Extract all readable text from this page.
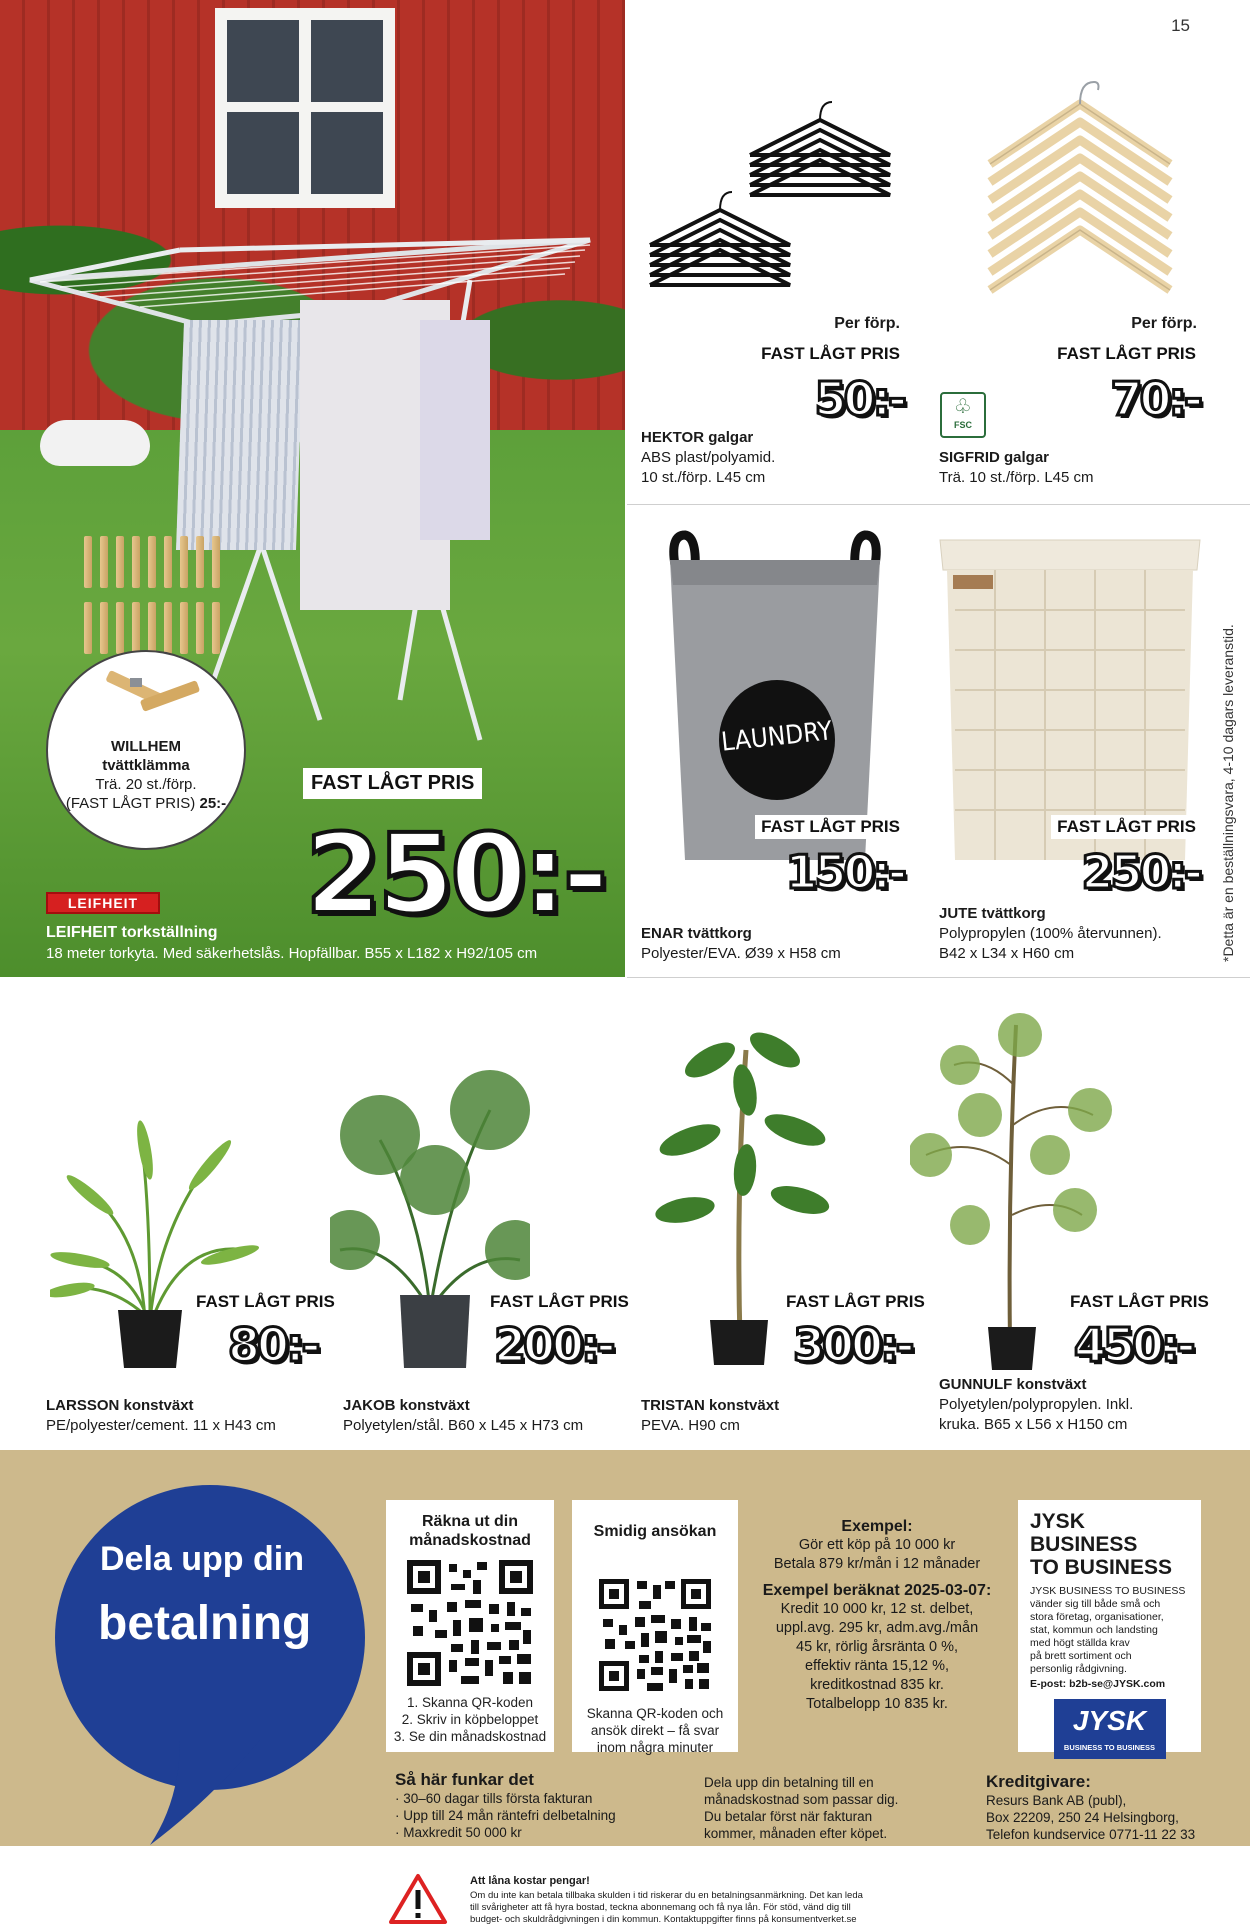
15
WILLHEM
tvättklämma
Trä. 20 st./förp.
(FAST LÅGT PRIS) 25:-
FAST LÅGT PRIS
250:-
LEIFHEIT
LEIFHEIT torkställning
18 meter torkyta. Med säkerhetslås. Hopfällbar. B55 x L182 x H92/105 cm
Per förp.
FAST LÅGT PRIS
50:-
HEKTOR galgar
ABS plast/polyamid.
10 st./förp. L45 cm
Per förp.
FAST LÅGT PRIS
70:-
♧
FSC
SIGFRID galgar
Trä. 10 st./förp. L45 cm
LAUNDRY
FAST LÅGT PRIS
150:-
ENAR tvättkorg
Polyester/EVA. Ø39 x H58 cm
FAST LÅGT PRIS
250:-
JUTE tvättkorg
Polypropylen (100% återvunnen).
B42 x L34 x H60 cm	*Detta är en beställningsvara, 4-10 dagars leveranstid.
FAST LÅGT PRIS
80:-
LARSSON konstväxt
PE/polyester/cement. 11 x H43 cm
FAST LÅGT PRIS
200:-
JAKOB konstväxt
Polyetylen/stål. B60 x L45 x H73 cm
FAST LÅGT PRIS
300:-
TRISTAN konstväxt
PEVA. H90 cm
FAST LÅGT PRIS
450:-
GUNNULF konstväxt
Polyetylen/polypropylen. Inkl.
kruka. B65 x L56 x H150 cm
Dela upp din
betalning
Räkna ut din
månadskostnad
1. Skanna QR-koden
2. Skriv in köpbeloppet
3. Se din månadskostnad
Smidig ansökan
Skanna QR-koden och
ansök direkt – få svar
inom några minuter
Exempel:
Gör ett köp på 10 000 kr
Betala 879 kr/mån i 12 månader
Exempel beräknat 2025-03-07:
Kredit 10 000 kr, 12 st. delbet,
uppl.avg. 295 kr, adm.avg./mån
45 kr, rörlig årsränta 0 %,
effektiv ränta 15,12 %,
kreditkostnad 835 kr.
Totalbelopp 10 835 kr.
JYSK BUSINESS
TO BUSINESS
JYSK BUSINESS TO BUSINESS
vänder sig till både små och
stora företag, organisationer,
stat, kommun och landsting
med högt ställda krav
på brett sortiment och
personlig rådgivning.
E-post: b2b-se@JYSK.com
JYSK
BUSINESS TO BUSINESS
Så här funkar det
· 30–60 dagar tills första fakturan
· Upp till 24 mån räntefri delbetalning
· Maxkredit 50 000 kr
Dela upp din betalning till en
månadskostnad som passar dig.
Du betalar först när fakturan
kommer, månaden efter köpet.
Kreditgivare:
Resurs Bank AB (publ),
Box 22209, 250 24 Helsingborg,
Telefon kundservice 0771-11 22 33
Att låna kostar pengar!
Om du inte kan betala tillbaka skulden i tid riskerar du en betalningsanmärkning. Det kan leda
till svårigheter att få hyra bostad, teckna abonnemang och få nya lån. För stöd, vänd dig till
budget- och skuldrådgivningen i din kommun. Kontaktuppgifter finns på konsumentverket.se
